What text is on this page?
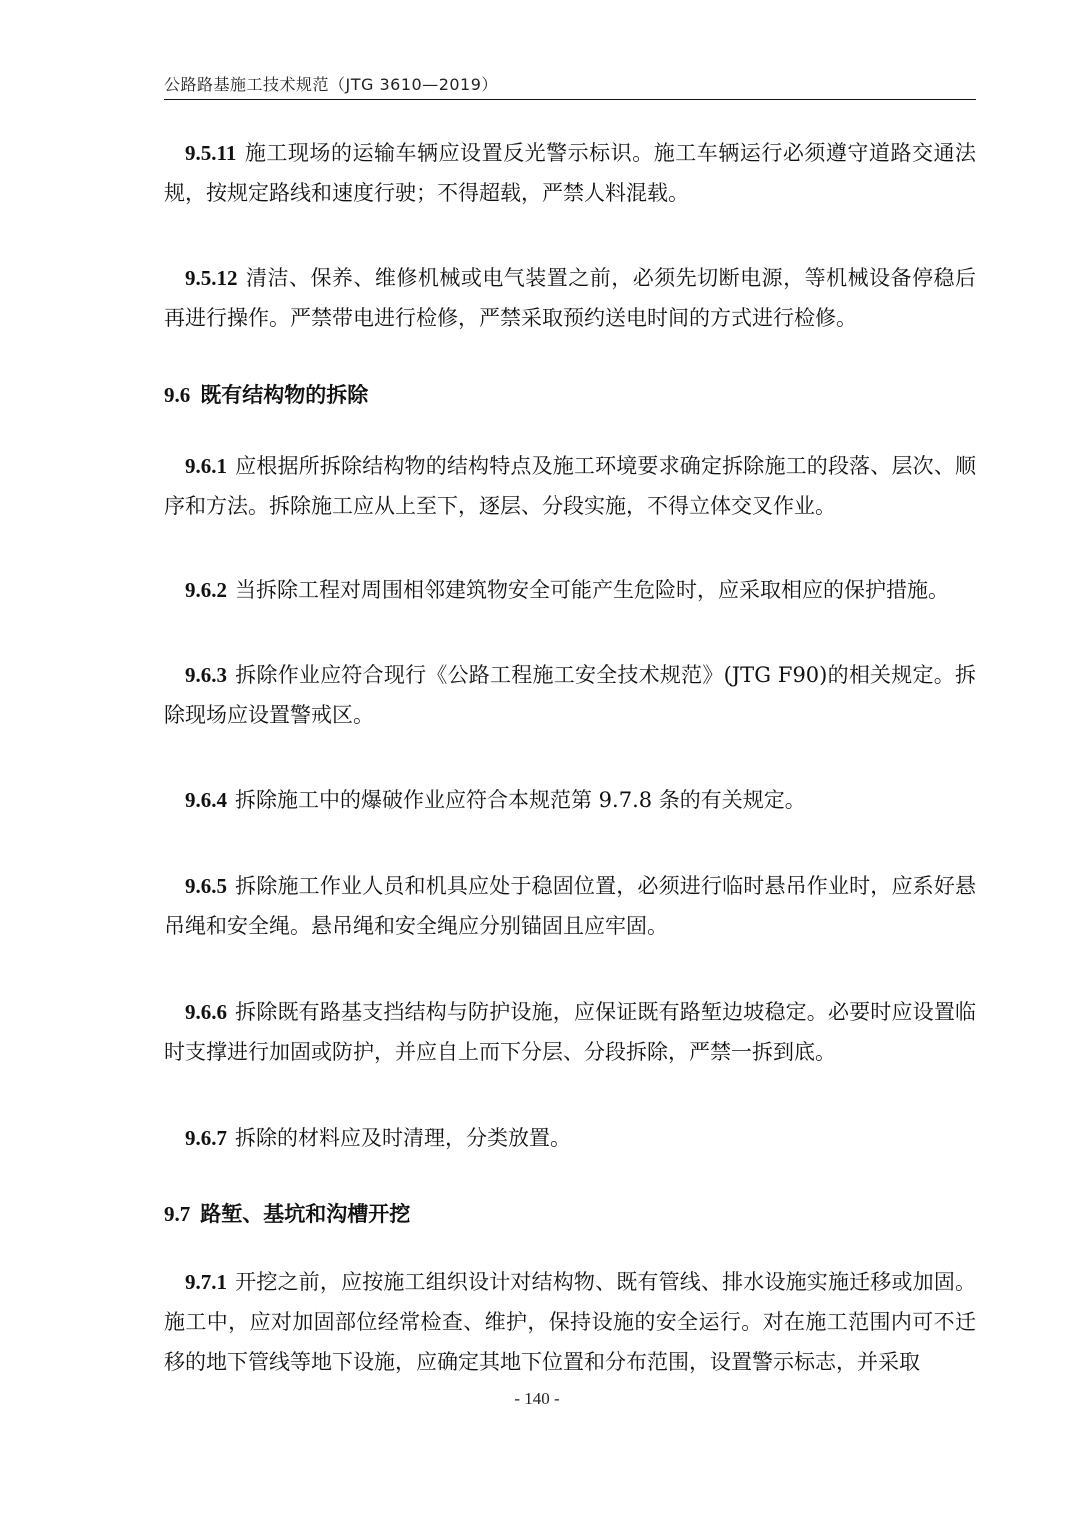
公路路基施工技术规范（JTG 3610—2019）

9.5.11 施工现场的运输车辆应设置反光警示标识。施工车辆运行必须遵守道路交通法规，按规定路线和速度行驶；不得超载，严禁人料混载。

9.5.12 清洁、保养、维修机械或电气装置之前，必须先切断电源，等机械设备停稳后再进行操作。严禁带电进行检修，严禁采取预约送电时间的方式进行检修。

9.6 既有结构物的拆除

9.6.1 应根据所拆除结构物的结构特点及施工环境要求确定拆除施工的段落、层次、顺序和方法。拆除施工应从上至下，逐层、分段实施，不得立体交叉作业。

9.6.2 当拆除工程对周围相邻建筑物安全可能产生危险时，应采取相应的保护措施。

9.6.3 拆除作业应符合现行《公路工程施工安全技术规范》(JTG F90)的相关规定。拆除现场应设置警戒区。

9.6.4 拆除施工中的爆破作业应符合本规范第 9.7.8 条的有关规定。

9.6.5 拆除施工作业人员和机具应处于稳固位置，必须进行临时悬吊作业时，应系好悬吊绳和安全绳。悬吊绳和安全绳应分别锚固且应牢固。

9.6.6 拆除既有路基支挡结构与防护设施，应保证既有路堑边坡稳定。必要时应设置临时支撑进行加固或防护，并应自上而下分层、分段拆除，严禁一拆到底。

9.6.7 拆除的材料应及时清理，分类放置。

9.7 路堑、基坑和沟槽开挖

9.7.1 开挖之前，应按施工组织设计对结构物、既有管线、排水设施实施迁移或加固。施工中，应对加固部位经常检查、维护，保持设施的安全运行。对在施工范围内可不迁移的地下管线等地下设施，应确定其地下位置和分布范围，设置警示标志，并采取

- 140 -
